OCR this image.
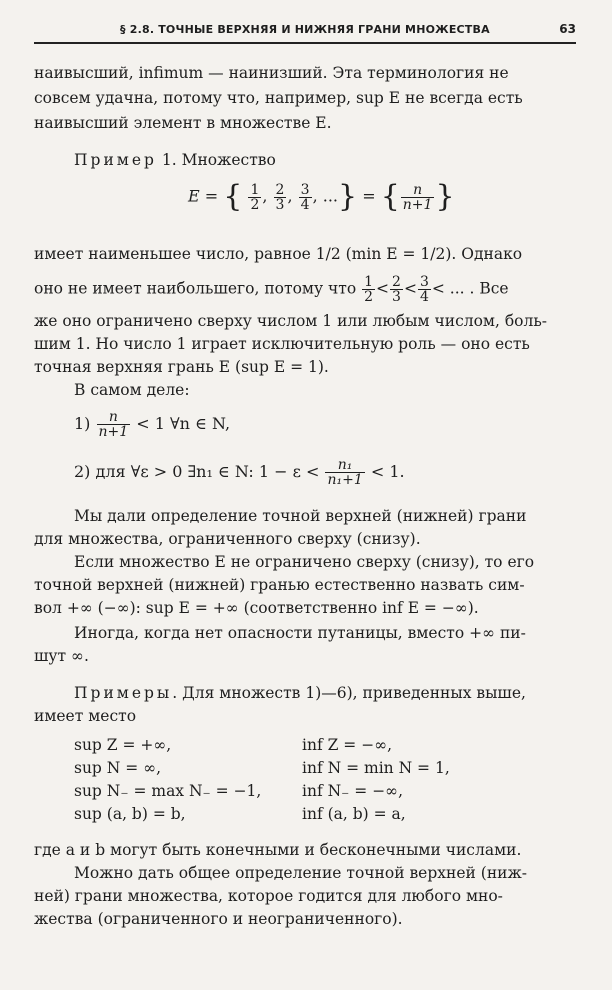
§ 2.8. ТОЧНЫЕ ВЕРХНЯЯ И НИЖНЯЯ ГРАНИ МНОЖЕСТВА	63
наивысший, infimum — наинизший. Эта терминология не
совсем удачна, потому что, например, sup E не всегда есть
наивысший элемент в множестве E.
Пример 1. Множество
E = { $\frac{1}{2}$ , $\frac{2}{3}$ , $\frac{3}{4}$ , ...} = { $\frac{n}{n+1}$ }
имеет наименьшее число, равное 1/2 (min E = 1/2). Однако
оно не имеет наибольшего, потому что $\frac{1}{2} < \frac{2}{3} < \frac{3}{4}$ < ... . Все
же оно ограничено сверху числом 1 или любым числом, боль-
шим 1. Но число 1 играет исключительную роль — оно есть
точная верхняя грань E (sup E = 1).
В самом деле:
$1) \frac{n}{n+1} < 1$ ∀n ∈ N,
2) для ∀ε > 0 ∃n₁ ∈ N: $1 - \varepsilon < \frac{\text{n₁}}{\text{n₁+1}} < 1$.
Мы дали определение точной верхней (нижней) грани
для множества, ограниченного сверху (снизу).
Если множество E не ограничено сверху (снизу), то его
точной верхней (нижней) гранью естественно назвать сим-
вол +∞ (−∞): sup E = +∞ (соответственно inf E = −∞).
Иногда, когда нет опасности путаницы, вместо +∞ пи-
шут ∞.
Примеры. Для множеств 1)—6), приведенных выше,
имеет место
sup Z = +∞,
sup N = ∞,
sup N₋ = max N₋ = −1,
sup (a, b) = b,
inf Z = −∞,
inf N = min N = 1,
inf N₋ = −∞,
inf (a, b) = a,
где a и b могут быть конечными и бесконечными числами.
Можно дать общее определение точной верхней (ниж-
ней) грани множества, которое годится для любого мно-
жества (ограниченного и неограниченного).
